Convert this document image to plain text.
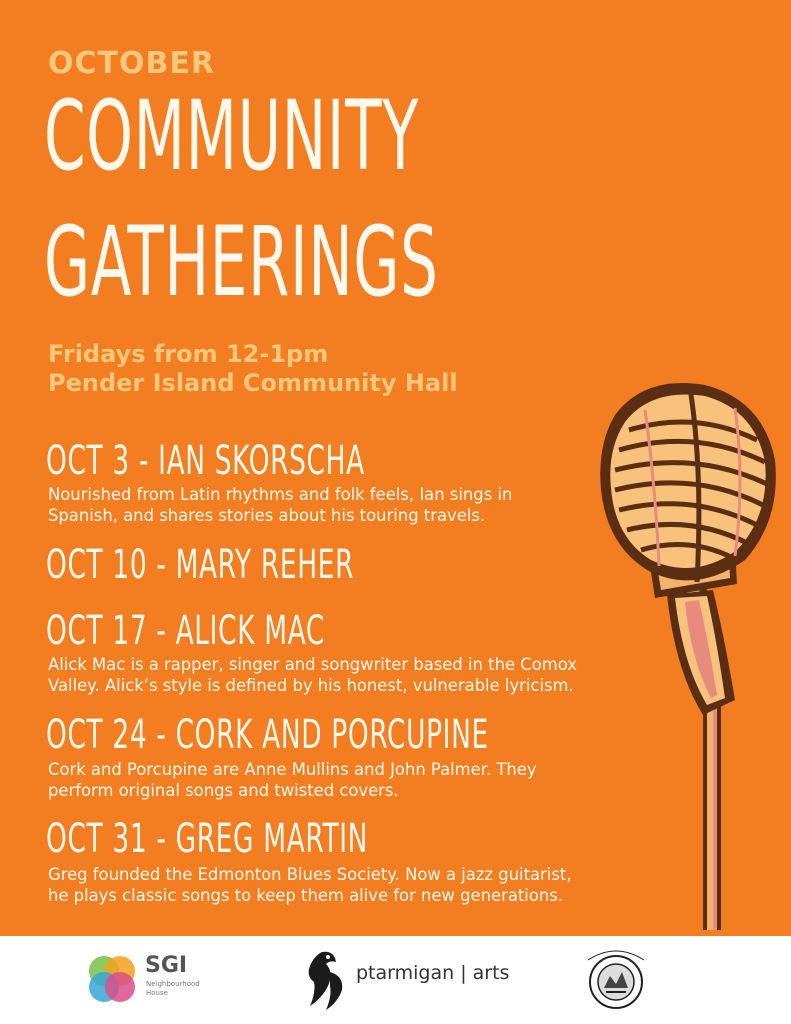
OCTOBER
COMMUNITY
GATHERINGS
Fridays from 12-1pm
Pender Island Community Hall
OCT 3 - IAN SKORSCHA
Nourished from Latin rhythms and folk feels, Ian sings in
Spanish, and shares stories about his touring travels.
OCT 10 - MARY REHER
OCT 17 - ALICK MAC
Alick Mac is a rapper, singer and songwriter based in the Comox
Valley. Alick’s style is defined by his honest, vulnerable lyricism.
OCT 24 - CORK AND PORCUPINE
Cork and Porcupine are Anne Mullins and John Palmer. They
perform original songs and twisted covers.
OCT 31 - GREG MARTIN
Greg founded the Edmonton Blues Society. Now a jazz guitarist,
he plays classic songs to keep them alive for new generations.
SGI
Neighbourhood House
ptarmigan | arts
